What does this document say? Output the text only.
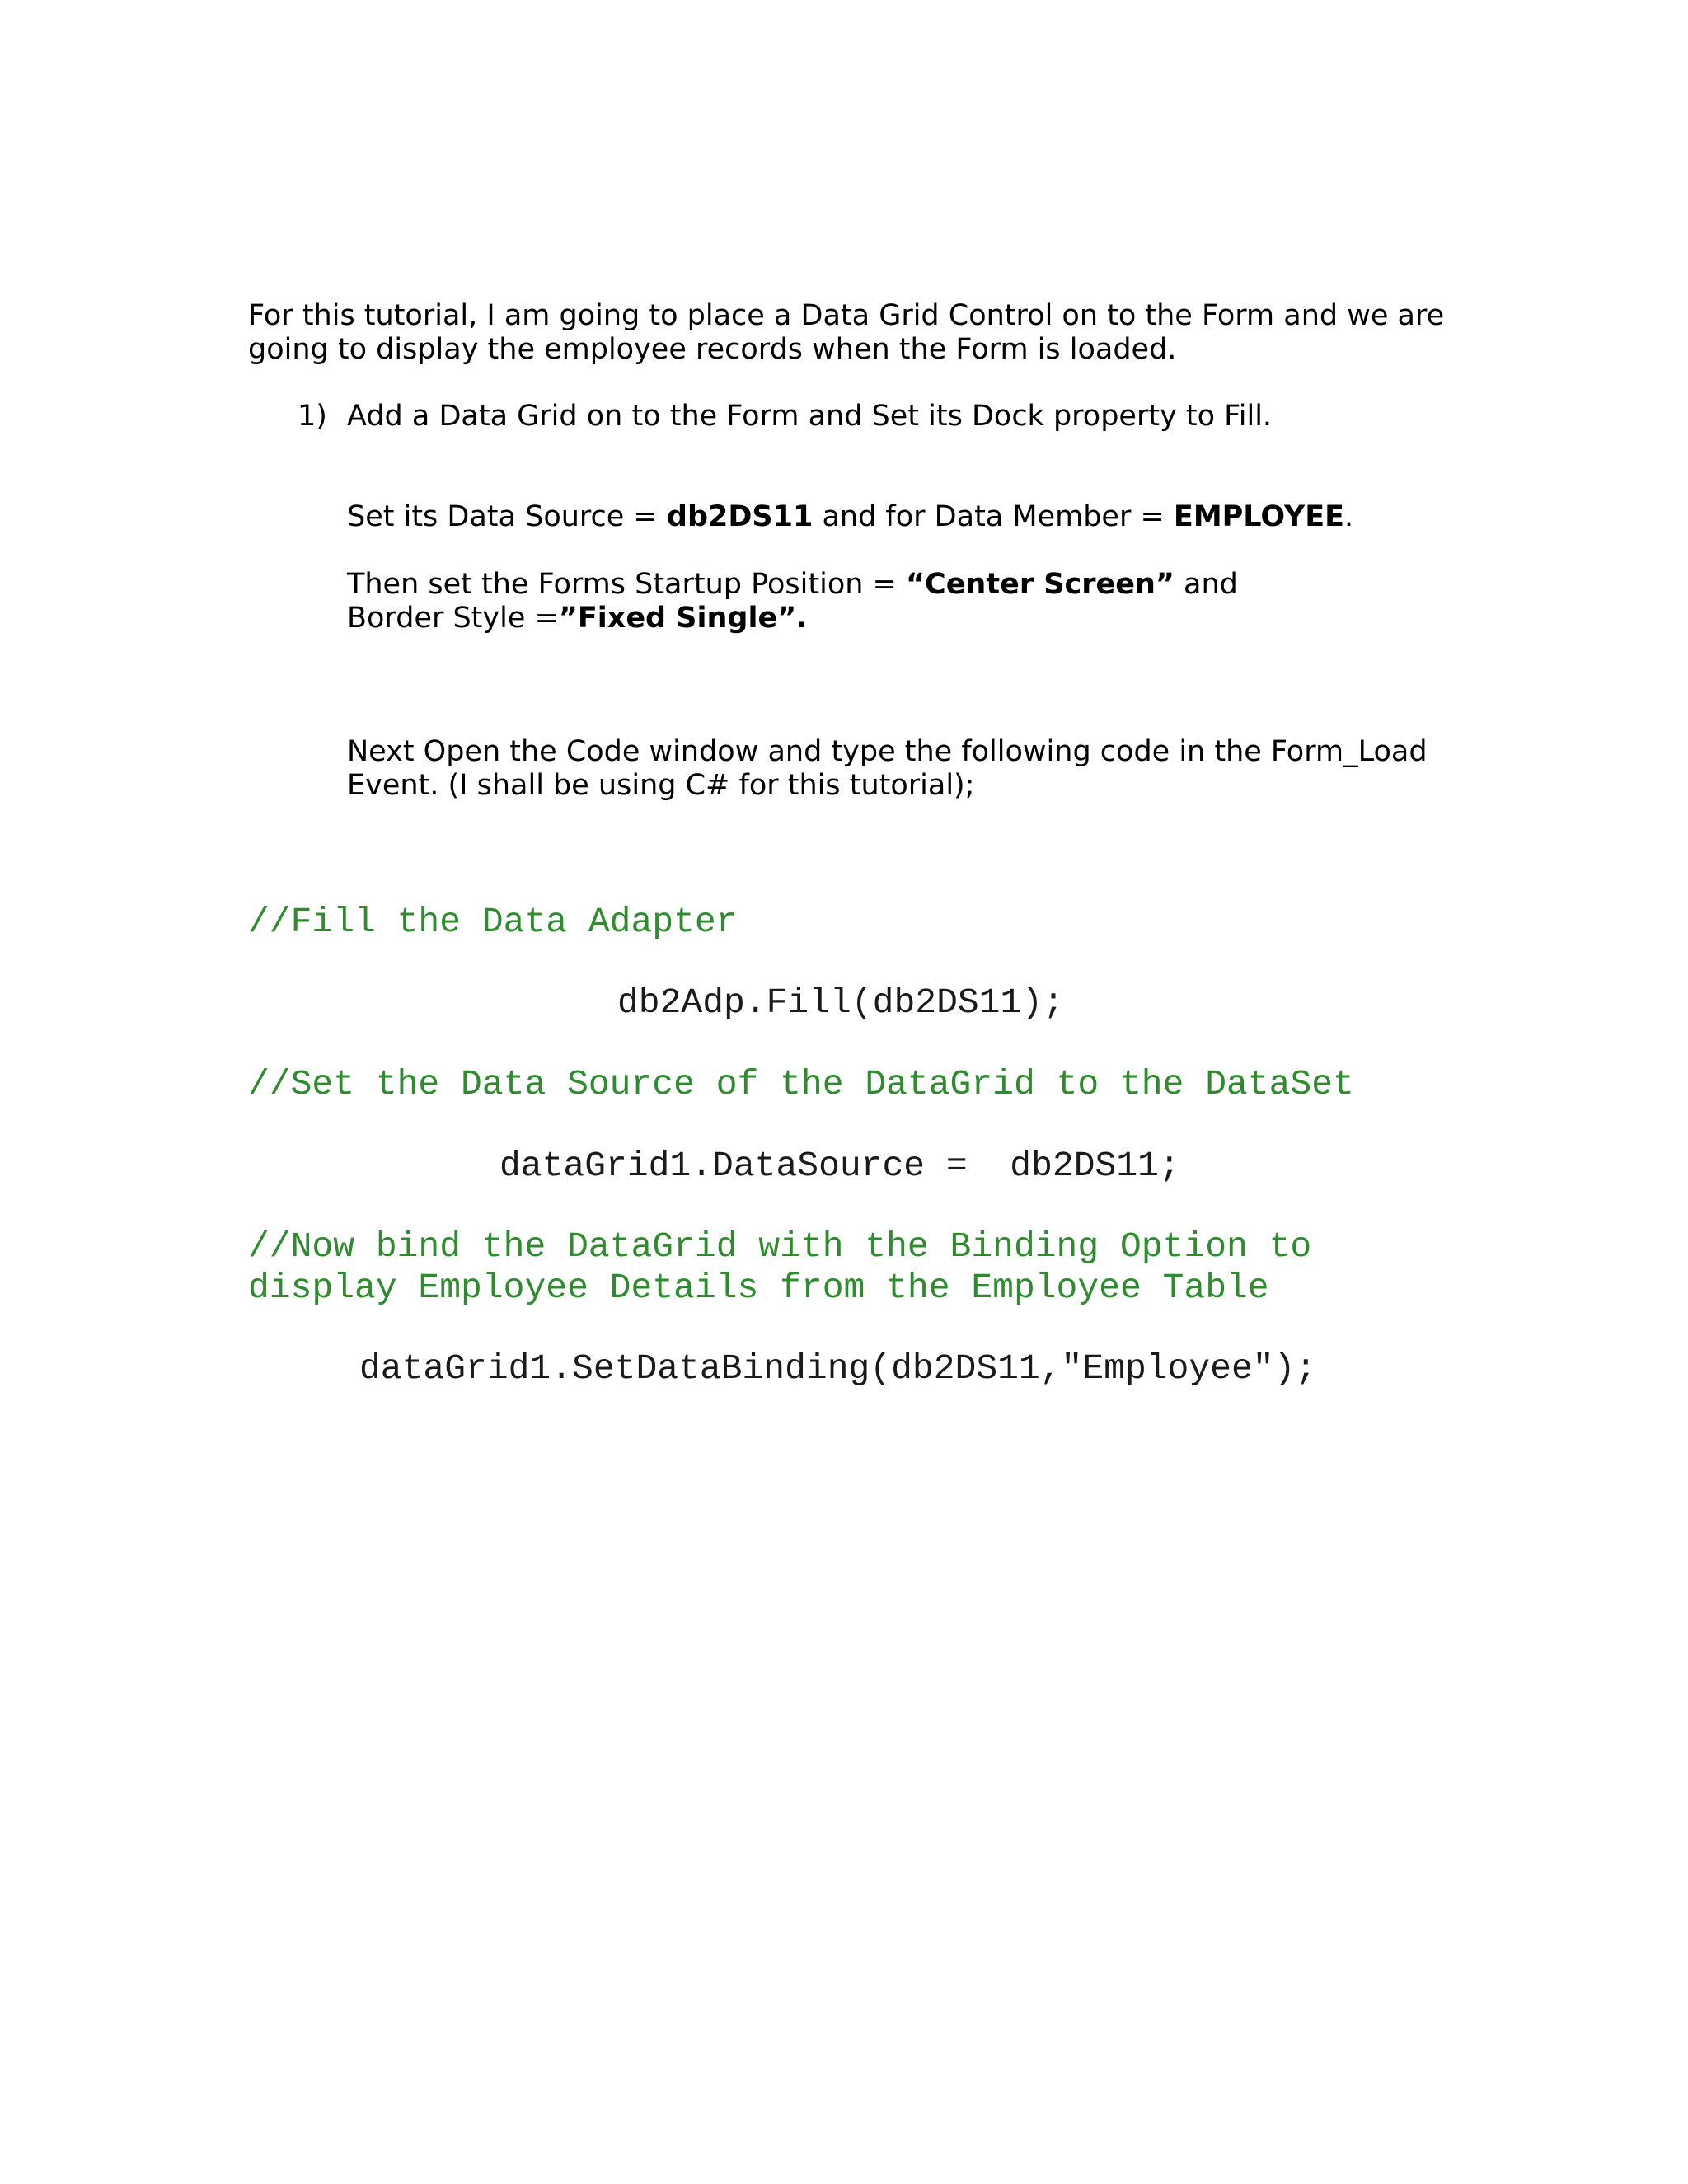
For this tutorial, I am going to place a Data Grid Control on to the Form and we are

going to display the employee records when the Form is loaded.

1) Add a Data Grid on to the Form and Set its Dock property to Fill.

Set its Data Source = db2DS11 and for Data Member = EMPLOYEE.

Then set the Forms Startup Position = “Center Screen” and

Border Style =”Fixed Single”.

Next Open the Code window and type the following code in the Form_Load

Event. (I shall be using C# for this tutorial);

//Fill the Data Adapter
db2Adp.Fill(db2DS11);
//Set the Data Source of the DataGrid to the DataSet
dataGrid1.DataSource =  db2DS11;
//Now bind the DataGrid with the Binding Option to
display Employee Details from the Employee Table
dataGrid1.SetDataBinding(db2DS11,"Employee");
